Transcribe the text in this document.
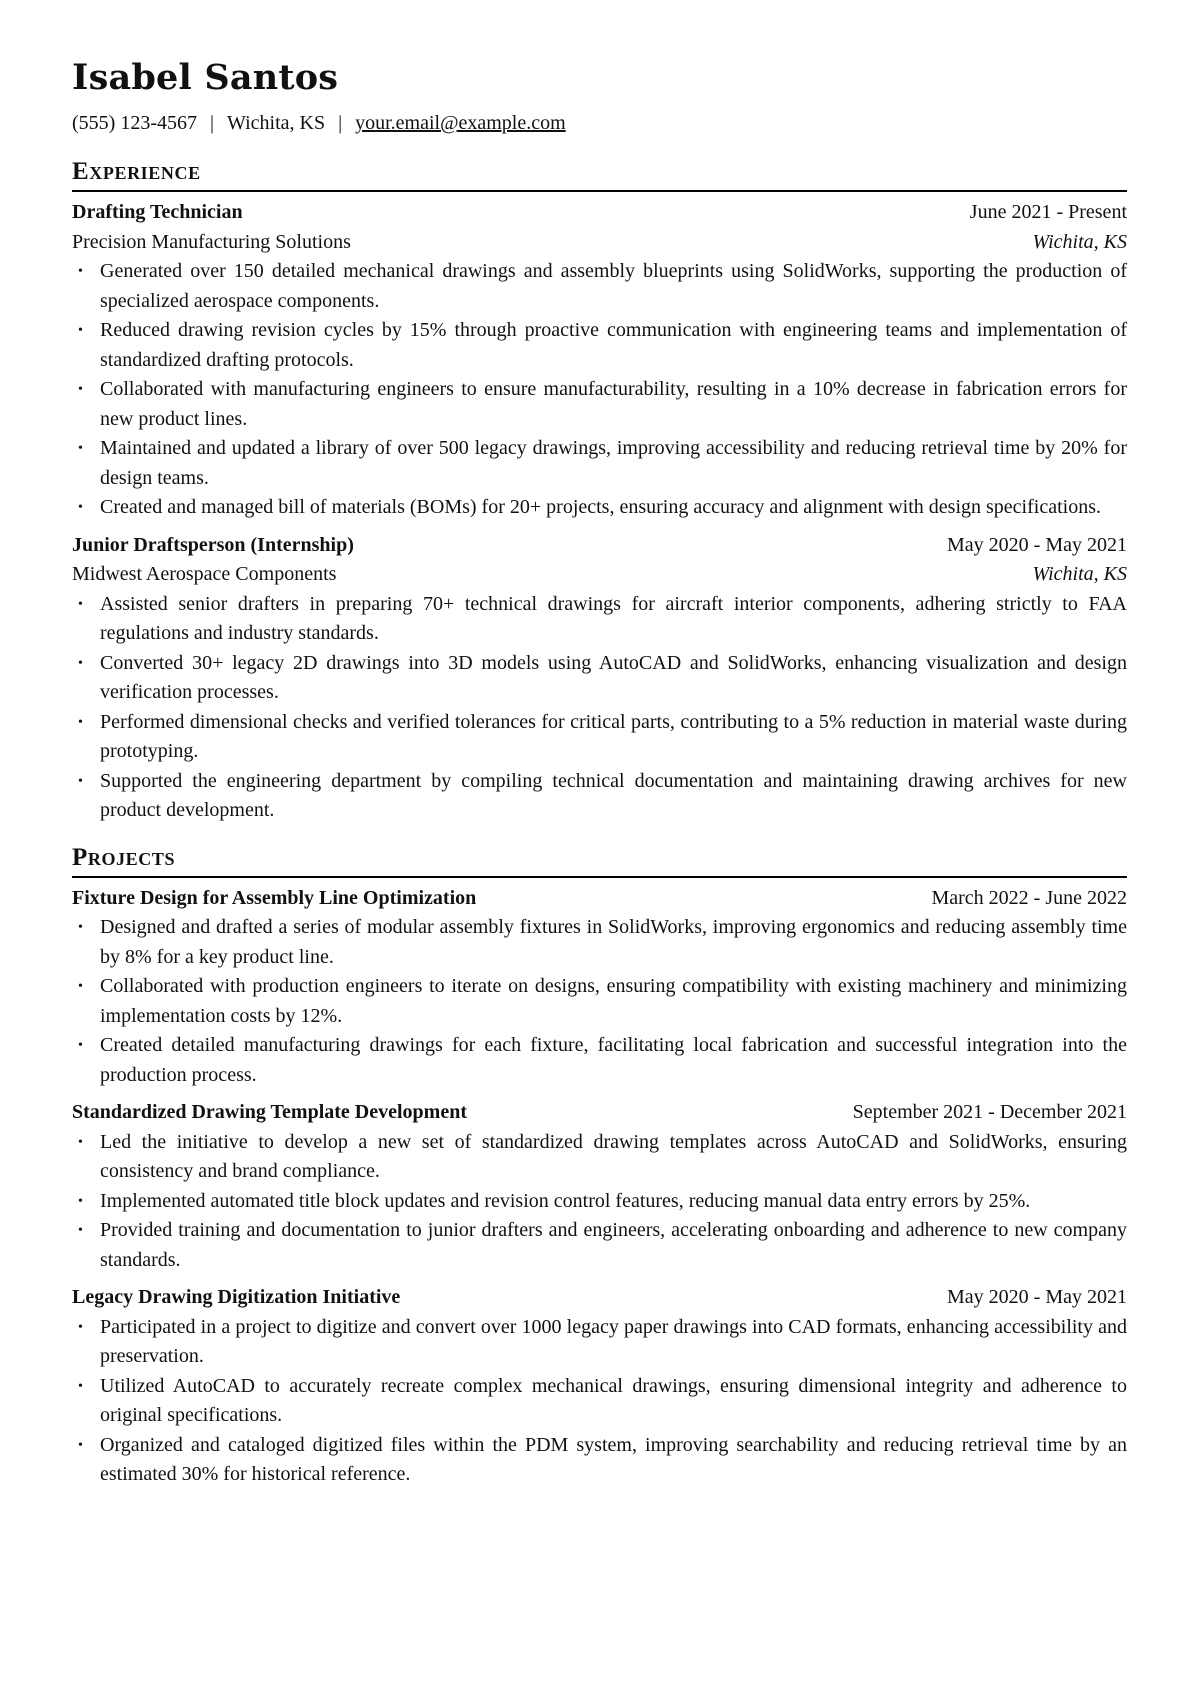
Isabel Santos
(555) 123-4567 | Wichita, KS | your.email@example.com
Experience
Drafting Technician	June 2021 - Present
Precision Manufacturing Solutions	Wichita, KS
• Generated over 150 detailed mechanical drawings and assembly blueprints using SolidWorks, supporting the production of specialized aerospace components.
• Reduced drawing revision cycles by 15% through proactive communication with engineering teams and implementation of standardized drafting protocols.
• Collaborated with manufacturing engineers to ensure manufacturability, resulting in a 10% decrease in fabrication errors for new product lines.
• Maintained and updated a library of over 500 legacy drawings, improving accessibility and reducing retrieval time by 20% for design teams.
• Created and managed bill of materials (BOMs) for 20+ projects, ensuring accuracy and alignment with design specifications.
Junior Draftsperson (Internship)	May 2020 - May 2021
Midwest Aerospace Components	Wichita, KS
• Assisted senior drafters in preparing 70+ technical drawings for aircraft interior components, adhering strictly to FAA regulations and industry standards.
• Converted 30+ legacy 2D drawings into 3D models using AutoCAD and SolidWorks, enhancing visualization and design verification processes.
• Performed dimensional checks and verified tolerances for critical parts, contributing to a 5% reduction in material waste during prototyping.
• Supported the engineering department by compiling technical documentation and maintaining drawing archives for new product development.
Projects
Fixture Design for Assembly Line Optimization	March 2022 - June 2022
• Designed and drafted a series of modular assembly fixtures in SolidWorks, improving ergonomics and reducing assembly time by 8% for a key product line.
• Collaborated with production engineers to iterate on designs, ensuring compatibility with existing machinery and minimizing implementation costs by 12%.
• Created detailed manufacturing drawings for each fixture, facilitating local fabrication and successful integration into the production process.
Standardized Drawing Template Development	September 2021 - December 2021
• Led the initiative to develop a new set of standardized drawing templates across AutoCAD and SolidWorks, ensuring consistency and brand compliance.
• Implemented automated title block updates and revision control features, reducing manual data entry errors by 25%.
• Provided training and documentation to junior drafters and engineers, accelerating onboarding and adherence to new company standards.
Legacy Drawing Digitization Initiative	May 2020 - May 2021
• Participated in a project to digitize and convert over 1000 legacy paper drawings into CAD formats, enhancing accessibility and preservation.
• Utilized AutoCAD to accurately recreate complex mechanical drawings, ensuring dimensional integrity and adherence to original specifications.
• Organized and cataloged digitized files within the PDM system, improving searchability and reducing retrieval time by an estimated 30% for historical reference.
